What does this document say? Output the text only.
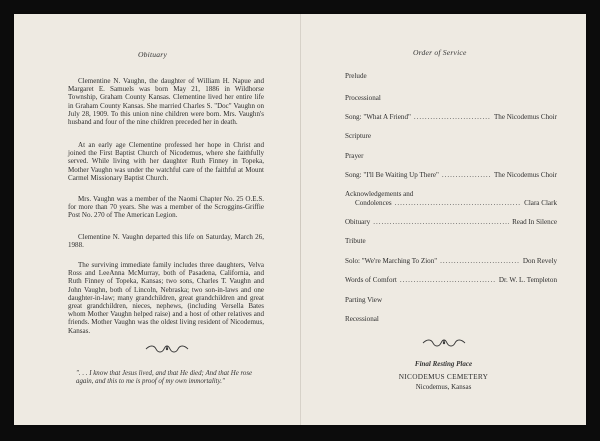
Obituary

Clementine N. Vaughn, the daughter of William H. Napue and Margaret E. Samuels was born May 21, 1886 in Wildhorse Township, Graham County Kansas. Clementine lived her entire life in Graham County Kansas. She married Charles S. "Doc" Vaughn on July 28, 1909. To this union nine children were born. Mrs. Vaughn's husband and four of the nine children preceded her in death.

At an early age Clementine professed her hope in Christ and joined the First Baptist Church of Nicodemus, where she faithfully served. While living with her daughter Ruth Finney in Topeka, Mother Vaughn was under the watchful care of the faithful at Mount Carmel Missionary Baptist Church.

Mrs. Vaughn was a member of the Naomi Chapter No. 25 O.E.S. for more than 70 years. She was a member of the Scroggins-Griffie Post No. 270 of The American Legion.

Clementine N. Vaughn departed this life on Saturday, March 26, 1988.

The surviving immediate family includes three daughters, Velva Ross and LeeAnna McMurray, both of Pasadena, California, and Ruth Finney of Topeka, Kansas; two sons, Charles T. Vaughn and John Vaughn, both of Lincoln, Nebraska; two son-in-laws and one daughter-in-law; many grandchildren, great grandchildren and great great grandchildren, nieces, nephews, (including Versella Bates whom Mother Vaughn helped raise) and a host of other relatives and friends. Mother Vaughn was the oldest living resident of Nicodemus, Kansas.

". . . I know that Jesus lived, and that He died; And that He rose again, and this to me is proof of my own immortality."

Order of Service
Prelude
Processional
Song: "What A Friend" . . .	The Nicodemus Choir
Scripture
Prayer
Song: "I'll Be Waiting Up There" . . .	The Nicodemus Choir
Acknowledgements and
Condolences . . .	Clara Clark
Obituary . . .	Read In Silence
Tribute
Solo: "We're Marching To Zion" . . .	Don Revely
Words of Comfort . . .	Dr. W. L. Templeton
Parting View
Recessional
Final Resting Place
NICODEMUS CEMETERY
Nicodemus, Kansas
